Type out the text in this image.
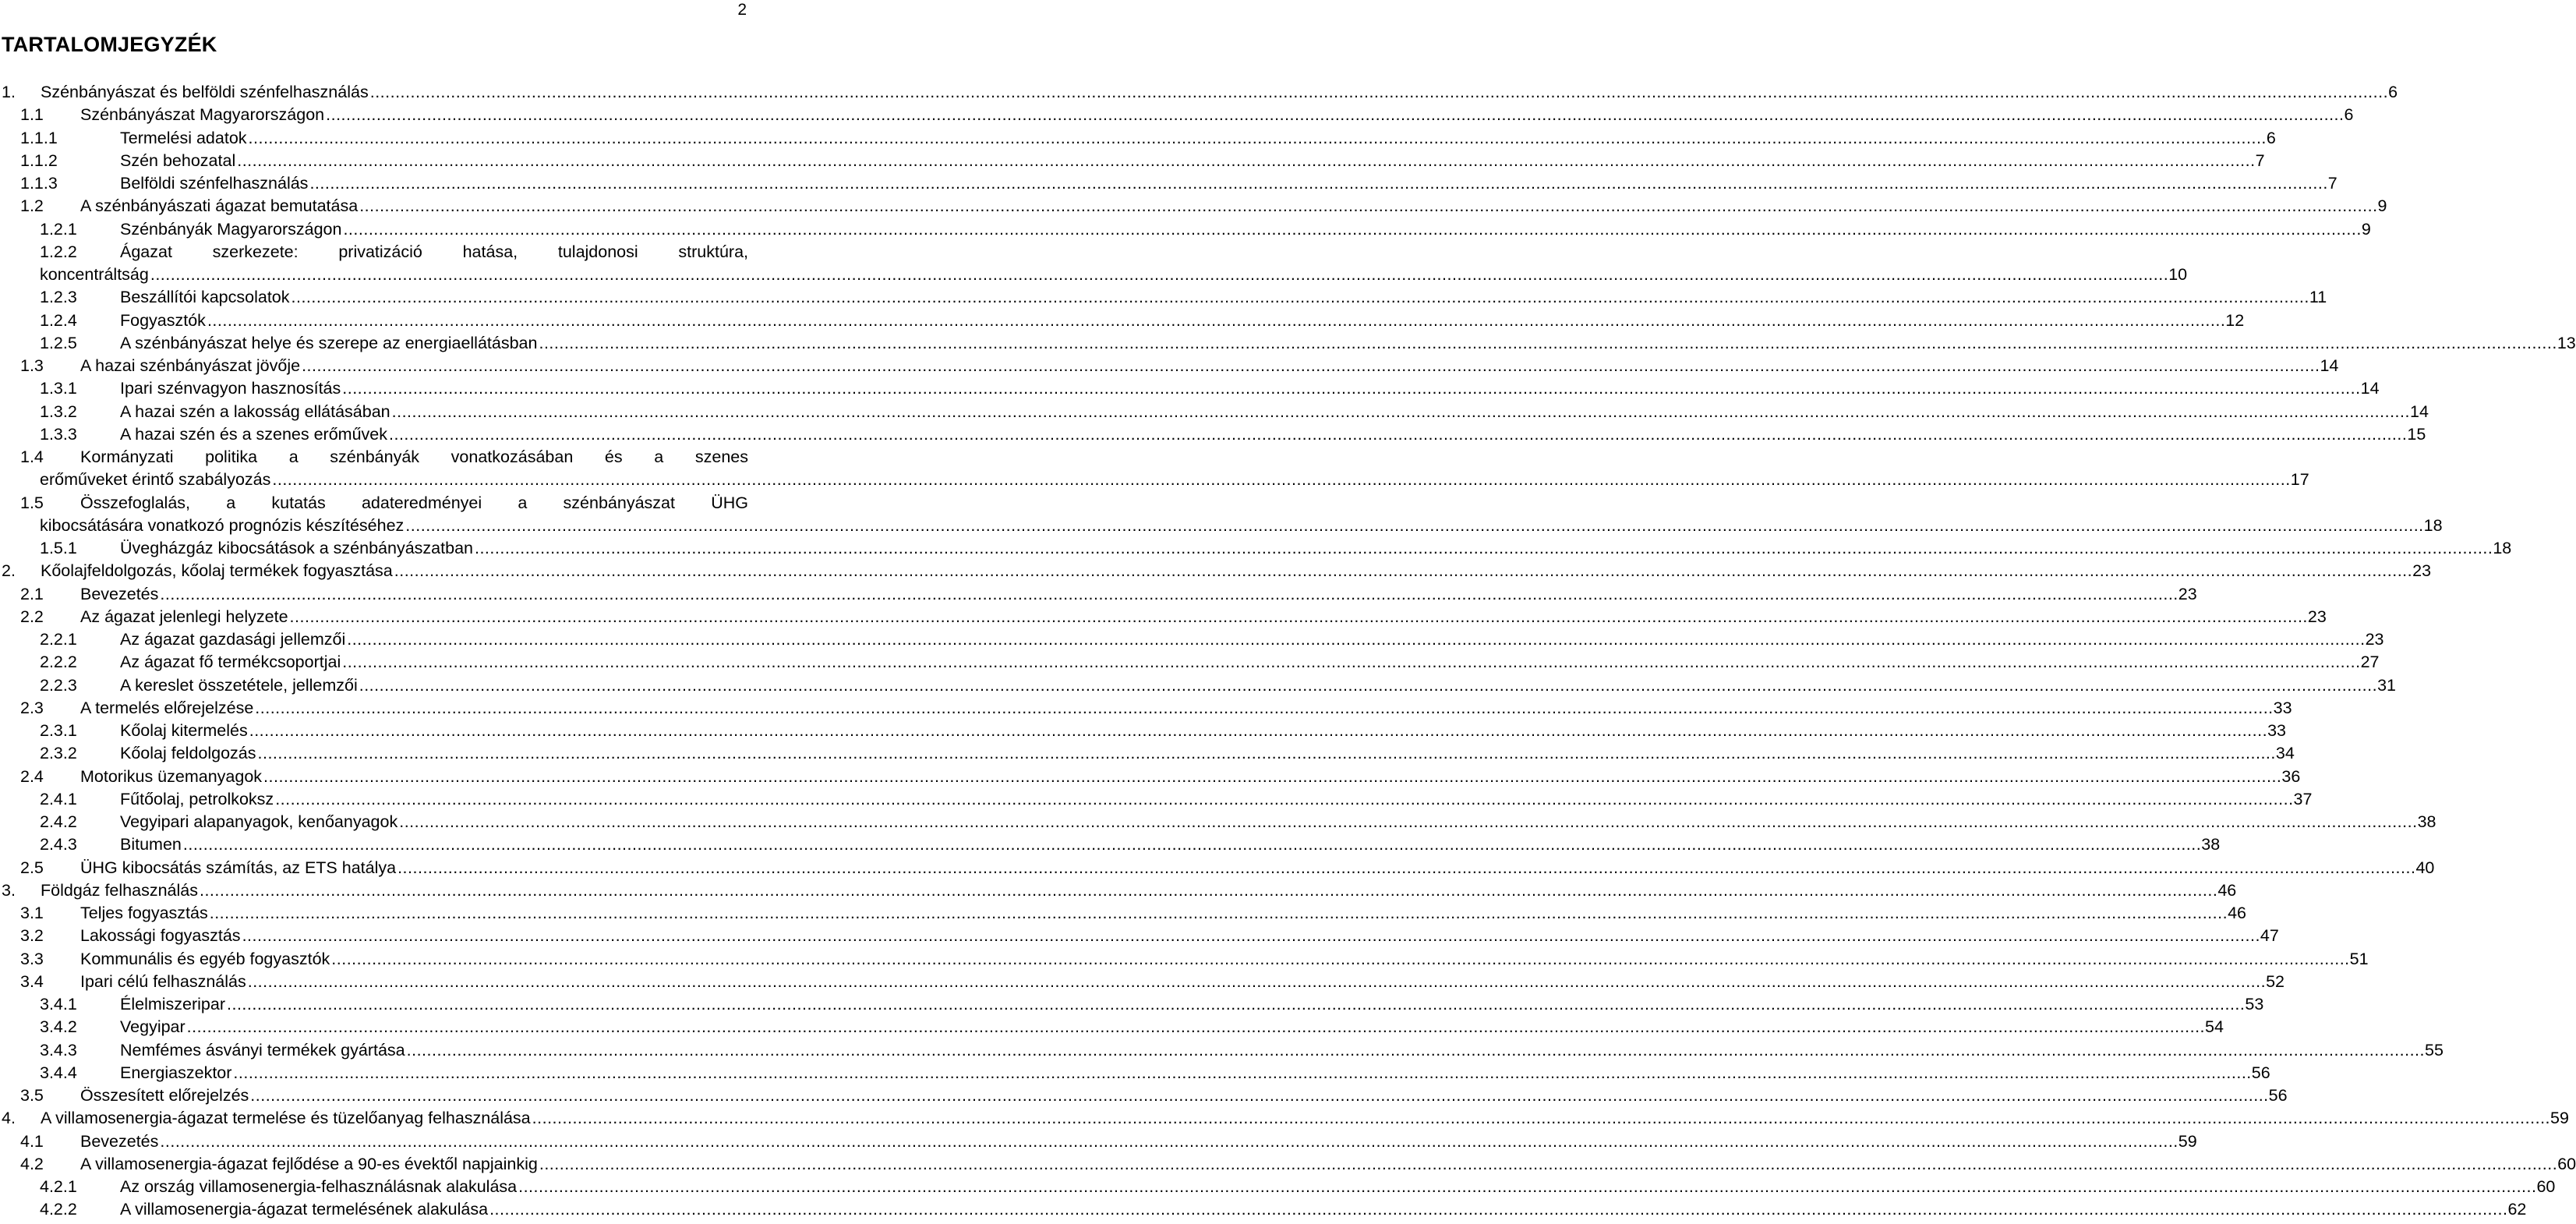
2
TARTALOMJEGYZÉK
1. Szénbányászat és belföldi szénfelhasználás ................................................................................................................................................................................................................................................................................................................................................................................................................ 6
1.1 Szénbányászat Magyarországon ................................................................................................................................................................................................................................................................................................................................................................................................................ 6
1.1.1	Termelési adatok ................................................................................................................................................................................................................................................................................................................................................................................................................ 6
1.1.2	Szén behozatal ................................................................................................................................................................................................................................................................................................................................................................................................................ 7
1.1.3	Belföldi szénfelhasználás ................................................................................................................................................................................................................................................................................................................................................................................................................ 7
1.2 A szénbányászati ágazat bemutatása ................................................................................................................................................................................................................................................................................................................................................................................................................ 9
1.2.1	Szénbányák Magyarországon ................................................................................................................................................................................................................................................................................................................................................................................................................ 9
1.2.2	Ágazat szerkezete: privatizáció hatása, tulajdonosi struktúra,
koncentráltság ................................................................................................................................................................................................................................................................................................................................................................................................................ 10
1.2.3	Beszállítói kapcsolatok ................................................................................................................................................................................................................................................................................................................................................................................................................ 11
1.2.4	Fogyasztók ................................................................................................................................................................................................................................................................................................................................................................................................................ 12
1.2.5	A szénbányászat helye és szerepe az energiaellátásban ................................................................................................................................................................................................................................................................................................................................................................................................................ 13
1.3 A hazai szénbányászat jövője ................................................................................................................................................................................................................................................................................................................................................................................................................ 14
1.3.1	Ipari szénvagyon hasznosítás ................................................................................................................................................................................................................................................................................................................................................................................................................ 14
1.3.2	A hazai szén a lakosság ellátásában ................................................................................................................................................................................................................................................................................................................................................................................................................ 14
1.3.3	A hazai szén és a szenes erőművek ................................................................................................................................................................................................................................................................................................................................................................................................................ 15
1.4 Kormányzati politika a szénbányák vonatkozásában és a szenes
erőműveket érintő szabályozás ................................................................................................................................................................................................................................................................................................................................................................................................................ 17
1.5 Összefoglalás, a kutatás adateredményei a szénbányászat ÜHG
kibocsátására vonatkozó prognózis készítéséhez ................................................................................................................................................................................................................................................................................................................................................................................................................ 18
1.5.1	Üvegházgáz kibocsátások a szénbányászatban ................................................................................................................................................................................................................................................................................................................................................................................................................ 18
2. Kőolajfeldolgozás, kőolaj termékek fogyasztása ................................................................................................................................................................................................................................................................................................................................................................................................................ 23
2.1 Bevezetés ................................................................................................................................................................................................................................................................................................................................................................................................................ 23
2.2 Az ágazat jelenlegi helyzete ................................................................................................................................................................................................................................................................................................................................................................................................................ 23
2.2.1	Az ágazat gazdasági jellemzői ................................................................................................................................................................................................................................................................................................................................................................................................................ 23
2.2.2	Az ágazat fő termékcsoportjai ................................................................................................................................................................................................................................................................................................................................................................................................................ 27
2.2.3	A kereslet összetétele, jellemzői ................................................................................................................................................................................................................................................................................................................................................................................................................ 31
2.3 A termelés előrejelzése ................................................................................................................................................................................................................................................................................................................................................................................................................ 33
2.3.1	Kőolaj kitermelés ................................................................................................................................................................................................................................................................................................................................................................................................................ 33
2.3.2	Kőolaj feldolgozás ................................................................................................................................................................................................................................................................................................................................................................................................................ 34
2.4 Motorikus üzemanyagok ................................................................................................................................................................................................................................................................................................................................................................................................................ 36
2.4.1	Fűtőolaj, petrolkoksz ................................................................................................................................................................................................................................................................................................................................................................................................................ 37
2.4.2	Vegyipari alapanyagok, kenőanyagok ................................................................................................................................................................................................................................................................................................................................................................................................................ 38
2.4.3	Bitumen ................................................................................................................................................................................................................................................................................................................................................................................................................ 38
2.5 ÜHG kibocsátás számítás, az ETS hatálya ................................................................................................................................................................................................................................................................................................................................................................................................................ 40
3. Földgáz felhasználás ................................................................................................................................................................................................................................................................................................................................................................................................................ 46
3.1 Teljes fogyasztás ................................................................................................................................................................................................................................................................................................................................................................................................................ 46
3.2 Lakossági fogyasztás ................................................................................................................................................................................................................................................................................................................................................................................................................ 47
3.3 Kommunális és egyéb fogyasztók ................................................................................................................................................................................................................................................................................................................................................................................................................ 51
3.4 Ipari célú felhasználás ................................................................................................................................................................................................................................................................................................................................................................................................................ 52
3.4.1	Élelmiszeripar ................................................................................................................................................................................................................................................................................................................................................................................................................ 53
3.4.2	Vegyipar ................................................................................................................................................................................................................................................................................................................................................................................................................ 54
3.4.3	Nemfémes ásványi termékek gyártása ................................................................................................................................................................................................................................................................................................................................................................................................................ 55
3.4.4	Energiaszektor ................................................................................................................................................................................................................................................................................................................................................................................................................ 56
3.5 Összesített előrejelzés ................................................................................................................................................................................................................................................................................................................................................................................................................ 56
4. A villamosenergia-ágazat termelése és tüzelőanyag felhasználása ................................................................................................................................................................................................................................................................................................................................................................................................................ 59
4.1 Bevezetés ................................................................................................................................................................................................................................................................................................................................................................................................................ 59
4.2 A villamosenergia-ágazat fejlődése a 90-es évektől napjainkig ................................................................................................................................................................................................................................................................................................................................................................................................................ 60
4.2.1	Az ország villamosenergia-felhasználásnak alakulása ................................................................................................................................................................................................................................................................................................................................................................................................................ 60
4.2.2	A villamosenergia-ágazat termelésének alakulása ................................................................................................................................................................................................................................................................................................................................................................................................................ 62
